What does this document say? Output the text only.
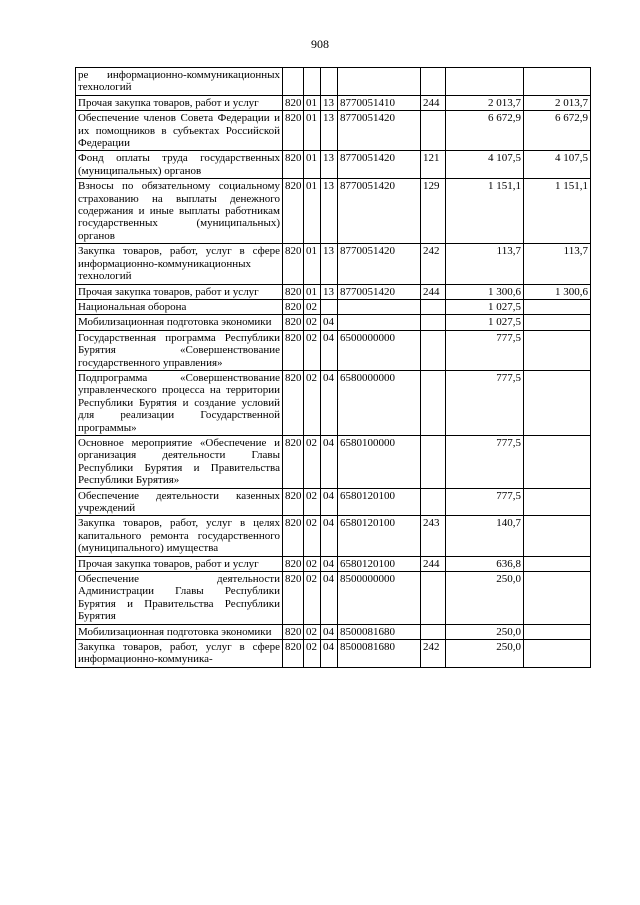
908
ре информационно-коммуникационных технологий							
Прочая закупка товаров, работ и услуг	820	01	13	8770051410	244	2 013,7	2 013,7
Обеспечение членов Совета Федерации и их помощников в субъектах Российской Федерации	820	01	13	8770051420		6 672,9	6 672,9
Фонд оплаты труда государственных (муниципальных) органов	820	01	13	8770051420	121	4 107,5	4 107,5
Взносы по обязательному социальному страхованию на выплаты денежного содержания и иные выплаты работникам государственных (муниципальных) органов	820	01	13	8770051420	129	1 151,1	1 151,1
Закупка товаров, работ, услуг в сфере информационно-коммуникационных технологий	820	01	13	8770051420	242	113,7	113,7
Прочая закупка товаров, работ и услуг	820	01	13	8770051420	244	1 300,6	1 300,6
Национальная оборона	820	02				1 027,5	
Мобилизационная подготовка экономики	820	02	04			1 027,5	
Государственная программа Республики Бурятия «Совершенствование государственного управления»	820	02	04	6500000000		777,5	
Подпрограмма «Совершенствование управленческого процесса на территории Республики Бурятия и создание условий для реализации Государственной программы»	820	02	04	6580000000		777,5	
Основное мероприятие «Обеспечение и организация деятельности Главы Республики Бурятия и Правительства Республики Бурятия»	820	02	04	6580100000		777,5	
Обеспечение деятельности казенных учреждений	820	02	04	6580120100		777,5	
Закупка товаров, работ, услуг в целях капитального ремонта государственного (муниципального) имущества	820	02	04	6580120100	243	140,7	
Прочая закупка товаров, работ и услуг	820	02	04	6580120100	244	636,8	
Обеспечение деятельности Администрации Главы Республики Бурятия и Правительства Республики Бурятия	820	02	04	8500000000		250,0	
Мобилизационная подготовка экономики	820	02	04	8500081680		250,0	
Закупка товаров, работ, услуг в сфере информационно-коммуника-	820	02	04	8500081680	242	250,0	
